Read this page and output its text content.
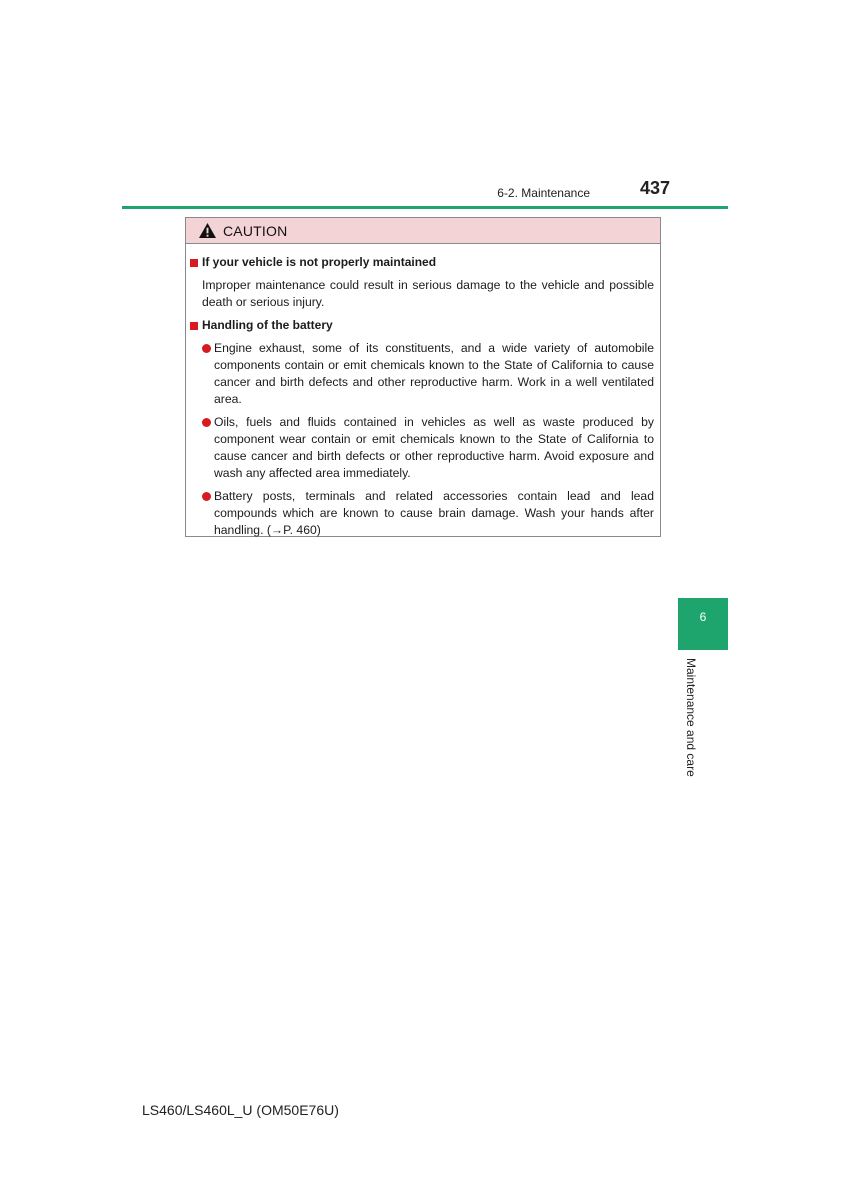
6-2. Maintenance	437
CAUTION
If your vehicle is not properly maintained
Improper maintenance could result in serious damage to the vehicle and possible death or serious injury.
Handling of the battery
Engine exhaust, some of its constituents, and a wide variety of automobile components contain or emit chemicals known to the State of California to cause cancer and birth defects and other reproductive harm. Work in a well ventilated area.
Oils, fuels and fluids contained in vehicles as well as waste produced by component wear contain or emit chemicals known to the State of California to cause cancer and birth defects or other reproductive harm. Avoid exposure and wash any affected area immediately.
Battery posts, terminals and related accessories contain lead and lead compounds which are known to cause brain damage. Wash your hands after handling. (→P. 460)
6
Maintenance and care
LS460/LS460L_U (OM50E76U)
